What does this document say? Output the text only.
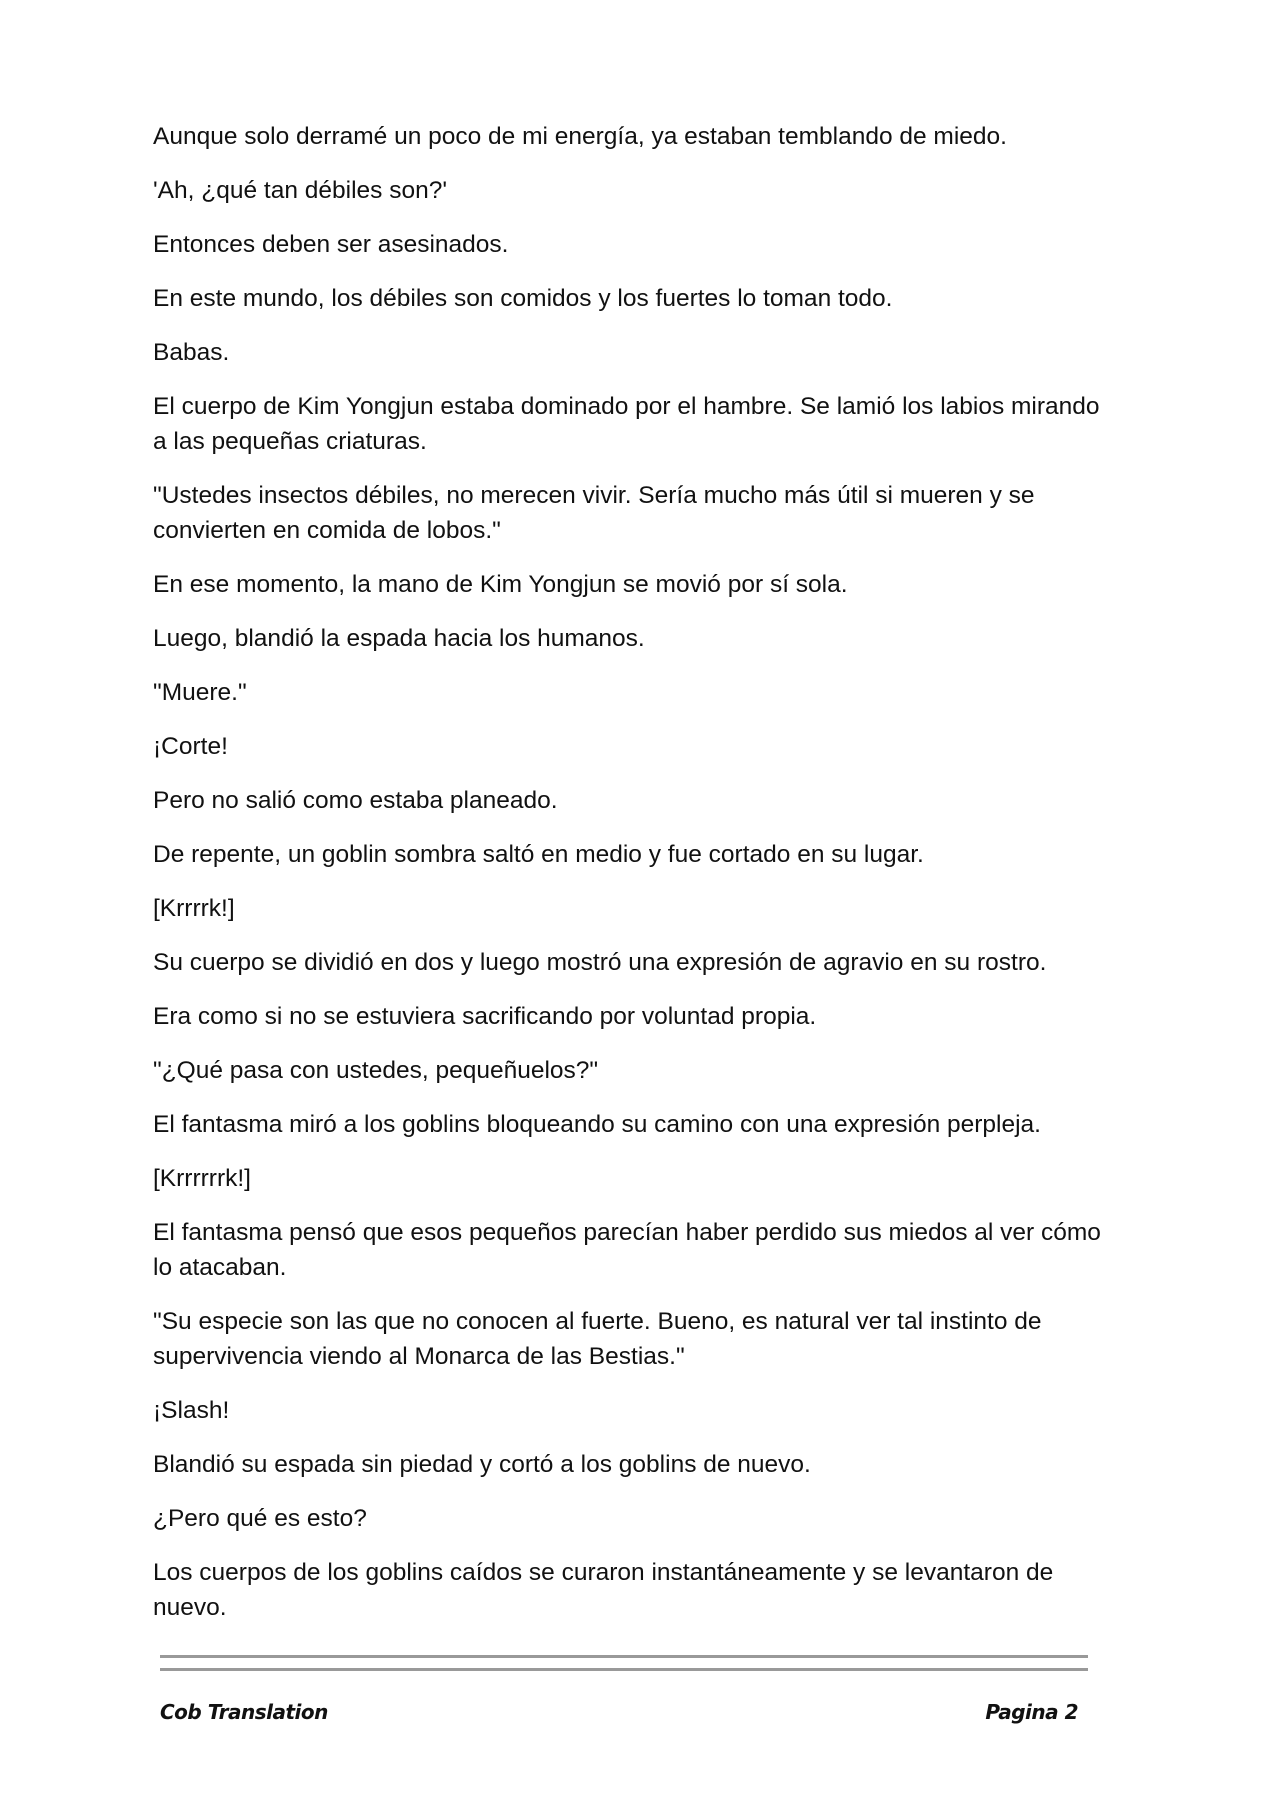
Aunque solo derramé un poco de mi energía, ya estaban temblando de miedo.

'Ah, ¿qué tan débiles son?'

Entonces deben ser asesinados.

En este mundo, los débiles son comidos y los fuertes lo toman todo.

Babas.

El cuerpo de Kim Yongjun estaba dominado por el hambre. Se lamió los labios mirando a las pequeñas criaturas.

"Ustedes insectos débiles, no merecen vivir. Sería mucho más útil si mueren y se convierten en comida de lobos."

En ese momento, la mano de Kim Yongjun se movió por sí sola.

Luego, blandió la espada hacia los humanos.

"Muere."

¡Corte!

Pero no salió como estaba planeado.

De repente, un goblin sombra saltó en medio y fue cortado en su lugar.

[Krrrrk!]

Su cuerpo se dividió en dos y luego mostró una expresión de agravio en su rostro.

Era como si no se estuviera sacrificando por voluntad propia.

"¿Qué pasa con ustedes, pequeñuelos?"

El fantasma miró a los goblins bloqueando su camino con una expresión perpleja.

[Krrrrrrk!]

El fantasma pensó que esos pequeños parecían haber perdido sus miedos al ver cómo lo atacaban.

"Su especie son las que no conocen al fuerte. Bueno, es natural ver tal instinto de supervivencia viendo al Monarca de las Bestias."

¡Slash!

Blandió su espada sin piedad y cortó a los goblins de nuevo.

¿Pero qué es esto?

Los cuerpos de los goblins caídos se curaron instantáneamente y se levantaron de nuevo.

Cob Translation	Pagina 2
